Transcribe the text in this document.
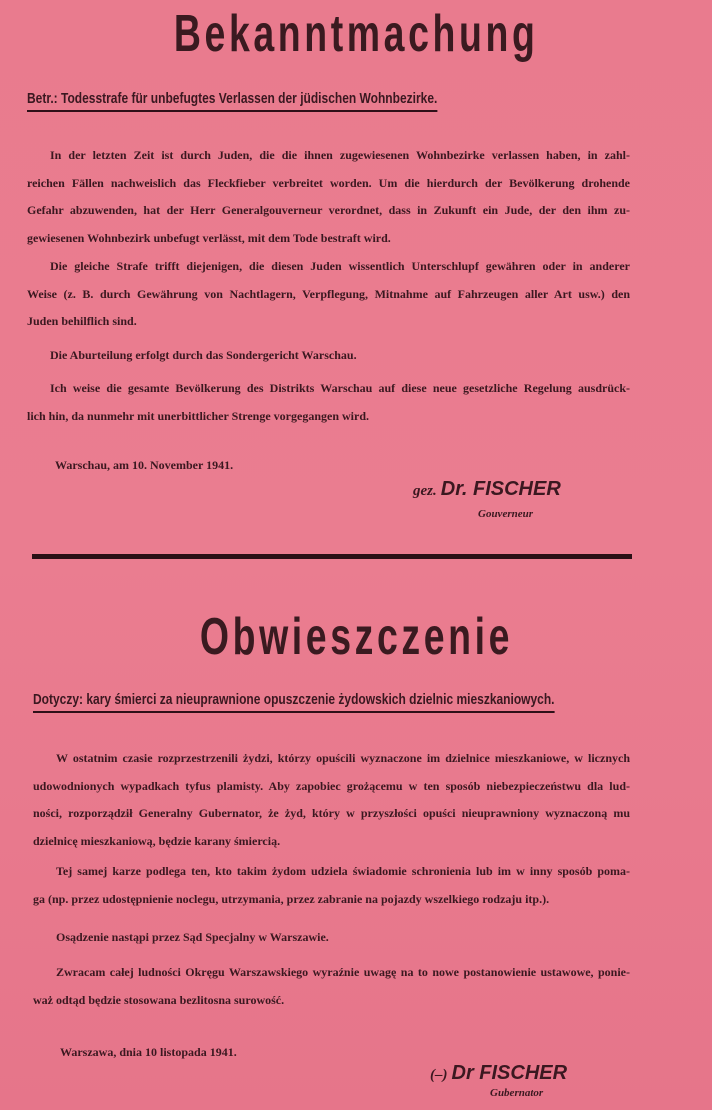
Bekanntmachung
Betr.: Todesstrafe für unbefugtes Verlassen der jüdischen Wohnbezirke.
In der letzten Zeit ist durch Juden, die die ihnen zugewiesenen Wohnbezirke verlassen haben, in zahl-
reichen Fällen nachweislich das Fleckfieber verbreitet worden. Um die hierdurch der Bevölkerung drohende
Gefahr abzuwenden, hat der Herr Generalgouverneur verordnet, dass in Zukunft ein Jude, der den ihm zu-
gewiesenen Wohnbezirk unbefugt verlässt, mit dem Tode bestraft wird.
Die gleiche Strafe trifft diejenigen, die diesen Juden wissentlich Unterschlupf gewähren oder in anderer
Weise (z. B. durch Gewährung von Nachtlagern, Verpflegung, Mitnahme auf Fahrzeugen aller Art usw.) den
Juden behilflich sind.
Die Aburteilung erfolgt durch das Sondergericht Warschau.
Ich weise die gesamte Bevölkerung des Distrikts Warschau auf diese neue gesetzliche Regelung ausdrück-
lich hin, da nunmehr mit unerbittlicher Strenge vorgegangen wird.
Warschau, am 10. November 1941.
gez. Dr. FISCHER
Gouverneur
Obwieszczenie
Dotyczy: kary śmierci za nieuprawnione opuszczenie żydowskich dzielnic mieszkaniowych.
W ostatnim czasie rozprzestrzenili żydzi, którzy opuścili wyznaczone im dzielnice mieszkaniowe, w licznych
udowodnionych wypadkach tyfus plamisty. Aby zapobiec grożącemu w ten sposób niebezpieczeństwu dla lud-
ności, rozporządził Generalny Gubernator, że żyd, który w przyszłości opuści nieuprawniony wyznaczoną mu
dzielnicę mieszkaniową, będzie karany śmiercią.
Tej samej karze podlega ten, kto takim żydom udziela świadomie schronienia lub im w inny sposób poma-
ga (np. przez udostępnienie noclegu, utrzymania, przez zabranie na pojazdy wszelkiego rodzaju itp.).
Osądzenie nastąpi przez Sąd Specjalny w Warszawie.
Zwracam całej ludności Okręgu Warszawskiego wyraźnie uwagę na to nowe postanowienie ustawowe, ponie-
waż odtąd będzie stosowana bezlitosna surowość.
Warszawa, dnia 10 listopada 1941.
(–) Dr FISCHER
Gubernator
